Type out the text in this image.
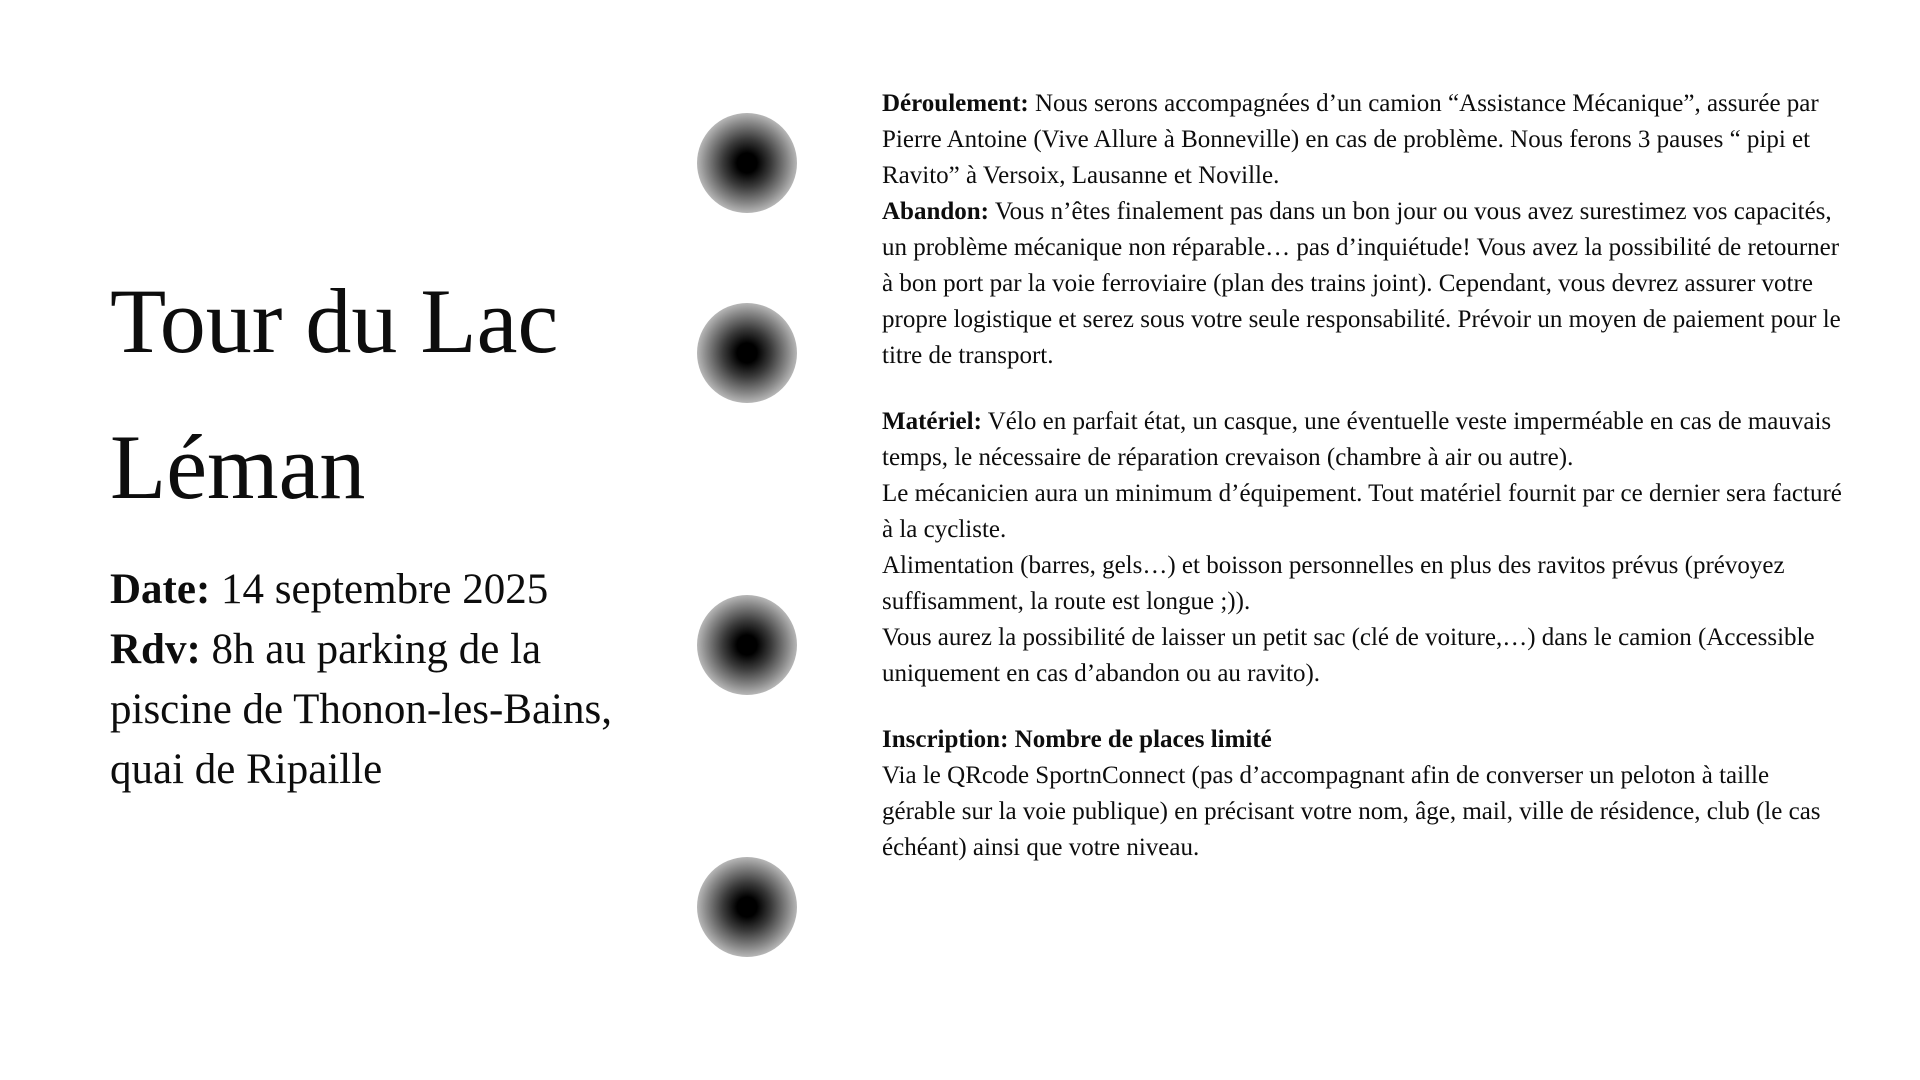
Tour du Lac
Léman
Date: 14 septembre 2025
Rdv: 8h au parking de la piscine de Thonon-les-Bains, quai de Ripaille

Déroulement: Nous serons accompagnées d’un camion “Assistance Mécanique”, assurée par Pierre Antoine (Vive Allure à Bonneville) en cas de problème. Nous ferons 3 pauses “ pipi et Ravito” à Versoix, Lausanne et Noville.

Abandon: Vous n’êtes finalement pas dans un bon jour ou vous avez surestimez vos capacités, un problème mécanique non réparable… pas d’inquiétude! Vous avez la possibilité de retourner à bon port par la voie ferroviaire (plan des trains joint). Cependant, vous devrez assurer votre propre logistique et serez sous votre seule responsabilité. Prévoir un moyen de paiement pour le titre de transport.

Matériel: Vélo en parfait état, un casque, une éventuelle veste imperméable en cas de mauvais temps, le nécessaire de réparation crevaison (chambre à air ou autre).

Le mécanicien aura un minimum d’équipement. Tout matériel fournit par ce dernier sera facturé à la cycliste.

Alimentation (barres, gels…) et boisson personnelles en plus des ravitos prévus (prévoyez suffisamment, la route est longue ;)).

Vous aurez la possibilité de laisser un petit sac (clé de voiture,…) dans le camion (Accessible uniquement en cas d’abandon ou au ravito).

Inscription: Nombre de places limité

Via le QRcode SportnConnect (pas d’accompagnant afin de converser un peloton à taille gérable sur la voie publique) en précisant votre nom, âge, mail, ville de résidence, club (le cas échéant) ainsi que votre niveau.
